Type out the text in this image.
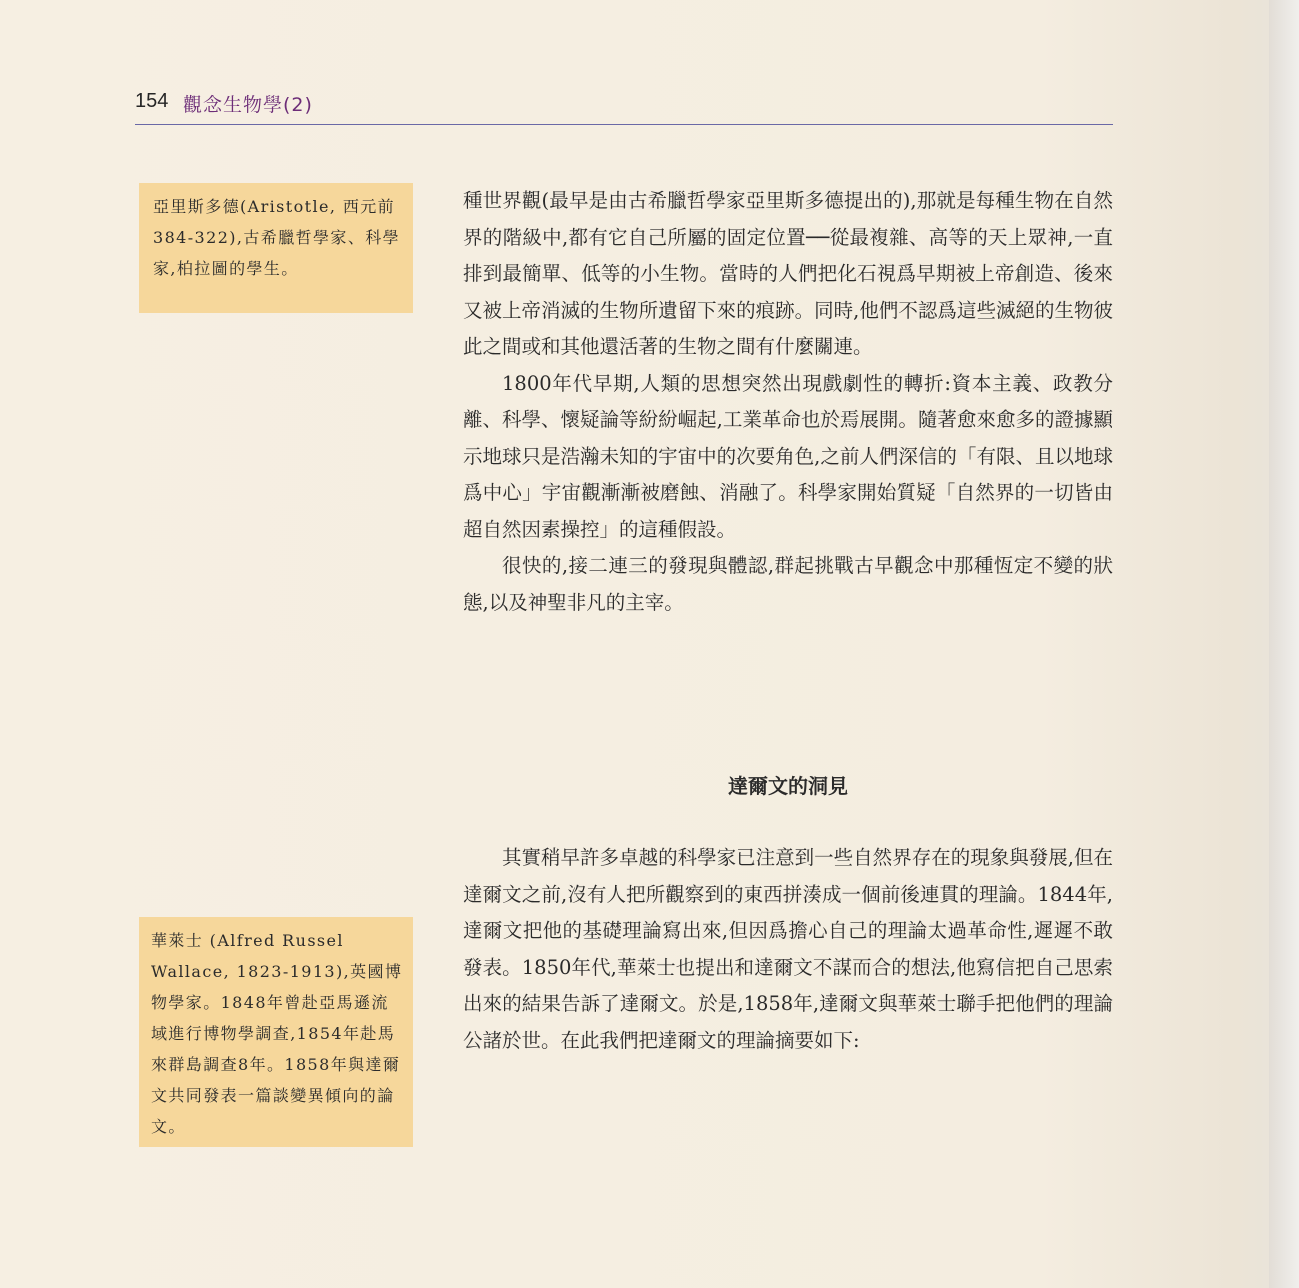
154 觀念生物學(2)
亞里斯多德(Aristotle, 西元前384-322),古希臘哲學家、科學家,柏拉圖的學生。

種世界觀(最早是由古希臘哲學家亞里斯多德提出的),那就是每種生物在自然界的階級中,都有它自己所屬的固定位置──從最複雜、高等的天上眾神,一直排到最簡單、低等的小生物。當時的人們把化石視爲早期被上帝創造、後來又被上帝消滅的生物所遺留下來的痕跡。同時,他們不認爲這些滅絕的生物彼此之間或和其他還活著的生物之間有什麼關連。

1800年代早期,人類的思想突然出現戲劇性的轉折:資本主義、政教分離、科學、懷疑論等紛紛崛起,工業革命也於焉展開。隨著愈來愈多的證據顯示地球只是浩瀚未知的宇宙中的次要角色,之前人們深信的「有限、且以地球爲中心」宇宙觀漸漸被磨蝕、消融了。科學家開始質疑「自然界的一切皆由超自然因素操控」的這種假設。

很快的,接二連三的發現與體認,群起挑戰古早觀念中那種恆定不變的狀態,以及神聖非凡的主宰。

達爾文的洞見

其實稍早許多卓越的科學家已注意到一些自然界存在的現象與發展,但在達爾文之前,沒有人把所觀察到的東西拼湊成一個前後連貫的理論。1844年,達爾文把他的基礎理論寫出來,但因爲擔心自己的理論太過革命性,遲遲不敢發表。1850年代,華萊士也提出和達爾文不謀而合的想法,他寫信把自己思索出來的結果告訴了達爾文。於是,1858年,達爾文與華萊士聯手把他們的理論公諸於世。在此我們把達爾文的理論摘要如下:

華萊士 (Alfred Russel Wallace, 1823-1913),英國博物學家。1848年曾赴亞馬遜流域進行博物學調查,1854年赴馬來群島調查8年。1858年與達爾文共同發表一篇談變異傾向的論文。
